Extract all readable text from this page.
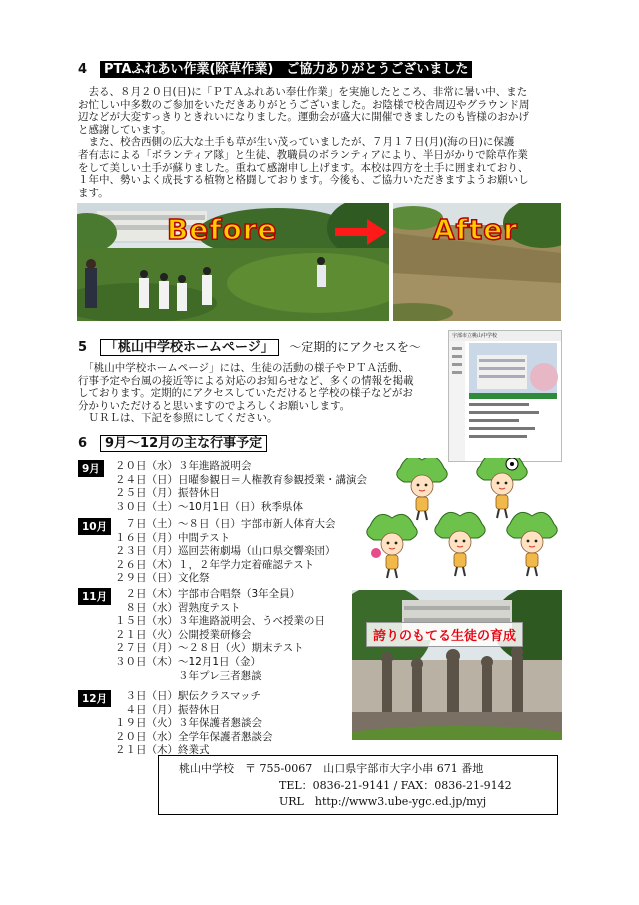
4 PTAふれあい作業(除草作業)　ご協力ありがとうございました
　去る、８月２０日(日)に「ＰＴＡふれあい奉仕作業」を実施したところ、非常に暑い中、また
お忙しい中多数のご参加をいただきありがとうございました。お陰様で校舎周辺やグラウンド周
辺などが大変すっきりときれいになりました。運動会が盛大に開催できましたのも皆様のおかげ
と感謝しています。
　また、校舎西側の広大な土手も草が生い茂っていましたが、７月１７日(月)(海の日)に保護
者有志による「ボランティア隊」と生徒、教職員のボランティアにより、半日がかりで除草作業
をして美しい土手が蘇りました。重ねて感謝申し上げます。本校は四方を土手に囲まれており、
１年中、勢いよく成長する植物と格闘しております。今後も、ご協力いただきますようお願いし
ます。
Before	After
5 「桃山中学校ホームページ」 ～定期的にアクセスを～
　「桃山中学校ホームページ」には、生徒の活動の様子やＰＴＡ活動、
行事予定や台風の接近等による対応のお知らせなど、多くの情報を掲載
しております。定期的にアクセスしていただけると学校の様子などがお
分かりいただけると思いますのでよろしくお願いします。
　ＵＲＬは、下記を参照にしてください。
宇部市立桃山中学校
6 9月～12月の主な行事予定
9月	２０日（水）３年進路説明会
２４日（日）日曜参観日＝人権教育参観授業・講演会
２５日（月）振替休日
３０日（土）～10月1日（日）秋季県体
10月	　７日（土）～８日（日）宇部市新人体育大会
１６日（月）中間テスト
２３日（月）巡回芸術劇場（山口県交響楽団）
２６日（木）１，２年学力定着確認テスト
２９日（日）文化祭
11月	　２日（木）宇部市合唱祭（3年全員）
　８日（水）習熟度テスト
１５日（水）３年進路説明会、うべ授業の日
２１日（火）公開授業研修会
２７日（月）～２８日（火）期末テスト
３０日（木）～12月1日（金）
　　　　　　３年プレ三者懇談
12月	　３日（日）駅伝クラスマッチ
　４日（月）振替休日
１９日（火）３年保護者懇談会
２０日（水）全学年保護者懇談会
２１日（木）終業式
誇りのもてる生徒の育成
桃山中学校　〒 755-0067　山口県宇部市大字小串 671 番地
TEL：0836-21-9141 / FAX：0836-21-9142
URL　http://www3.ube-ygc.ed.jp/myj
